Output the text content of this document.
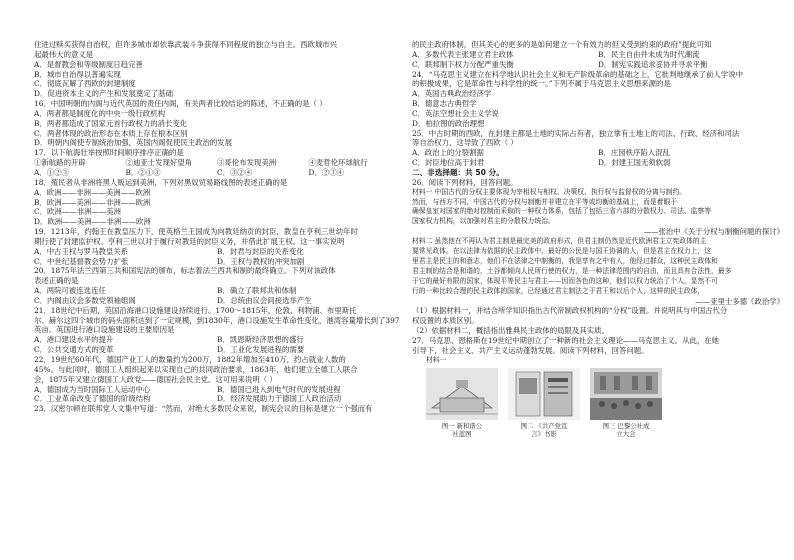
住进过赎买获得自治权，但许多城市却依靠武装斗争获得不同程度的独立与自主。西欧城市兴
起最伟大的意义是
A．是督教会和等级制度日趋完善
B．城市自治得以普遍实现
C．彻底瓦解了西欧的封建制度
D．促进资本主义的产生和发展奠定了基础
16．中国明朝的内阁与近代英国的责任内阁，有关两者比较结论的陈述，不正确的是（ ）
A．两者都是制度化的中央一级行政机构
B．两者都造成了国家元首行政权力的消长变化
C．两者体现的政治形态在本质上存在根本区别
D．明朝内阁使专制统治加强，英国内阁促使民主政治的发展
17．以下航海壮举按照时间顺序排序正确的是
①新航路的开辟	②迪亚士发现好望角	③哥伦布发现美洲	④麦哲伦环球航行
A．①②③	B．②①③	C．③②④	D．②③④
18．殖民者从非洲将黑人贩运到美洲，下列对黑奴贸易路线图的表述正确的是
A．欧洲——非洲——美洲——欧洲
B．欧洲——美洲——非洲——欧洲
C．欧洲——非洲——美洲
D．欧洲——美洲——非洲——欧洲
19．1213年，约翰王在教皇压力下，使英格兰王国成为向教廷纳贡的封臣，教皇在亨利三世幼年时
期行使了封建监护权。亨利三世以对于履行对教廷的封臣义务，并借此扩展王权。这一事实说明
A．中古王权与罗马教皇关系	B．封君与封臣的关系变化
C．中世纪基督教会势力扩张	D．王权与教权的冲突加剧
20．1875年法兰西第三共和国宪法的颁布，标志着法兰西共和制的最终确立。下列对该政体
表述正确的是
A．两院可被连选连任	B．确立了联邦共和体制
C．内阁由议会多数党领袖组阁	D．总统由议会间接选举产生
21．18世纪中后期，英国沿海港口设施建设持续进行。1700～1815年，伦敦、利物浦、布里斯托
尔、赫尔这四个城市的码头面积达到了一定规模，到1830年，港口设施发生革命性变化，港湾容量增长到了397
英亩。英国进行港口设施建设的主要原因是
A．港口建设水平的提升	B．凯恩斯经济思想的盛行
C．公共交通方式的变革	D．工业化发展进程的需要
22．19世纪60年代，德国产业工人的数量约为200万，1882年增加至410万，约占就业人数的
45%。与此同时，德国工人组织起来以实现自己的共同政治要求，1863年，他们建立全德工人联合
会，1875年又建立德国工人政党——德国社会民主党。这可用来说明（ ）
A．德国成为当时国际工人运动中心	B．德国已进入到电气时代的发展进程
C．工业革命改变了德国的阶级结构	D．经济发展助力于德国工人政治活动
23．汉密尔顿在联邦党人文集中写道：“然而，对绝大多数民众来说，制宪会议的目标是建立一个强而有
的民主政府体制，但其关心的更多的是如何建立一个有效力的但又受到约束的政府”提此可知
A．多数代表主张建立君主政体	B．民主自由并未成为时代潮流
C．联邦制下权力分配严重失衡	D．制宪实践追求妥协并寻求平衡
24．“马克思主义建立在科学地认识社会主义和无产阶级革命的基础之上，它批判地继承了前人学说中
的积极成果，它是革命性与科学性的统一。”下列不属于马克思主义思想来源的是
A．英国古典政治经济学
B．德意志古典哲学
C．英法空想社会主义学说
D．柏拉图的政治理想
25．中古时期的西欧，在封建主都是土地的实际占有者，独立掌有土地上的司法、行政、经济和司法
等自治权力，这导致了西欧（ ）
A．政治上的分裂割据	B．庄园秩序陷入混乱
C．封臣地位高于封君	D．封建王国无须软弱
二、非选择题：共 50 分。
26．阅读下列材料，回答问题。
材料一 中国古代的分权主要体现为宰相权与相权、决策权、执行权与监督权的分离与制约。
然而，与西方不同，中国古代的分权与制衡并非建立在平等或均衡的基础上，而是着眼于
确保皇室对国家的绝对控制而采取的一种权力体系，包括了包括三省六部的分散权力、司法、监察等
国家权力机构，以加强对君主的分散权力统治。
——张治中《关于分权与制衡问题的探讨》
材料二 虽然他在不再认为君主制是最完美的政府形式，但君主制仍然是近代欧洲君主立宪政体的主
要常见政体。在以法律为依据的民主政体中，最好的公民是与国王协调的人，但是君主在权力上，这
里君主是民主的和意志，他们不在法律之中制衡的，我是享有之中有人，他经过群众，这种民主政体和
君主制的结合是和谐的，土谷都倾向人民所行使的权力，是一种法律范围内的自由，而且具有合法性，最多
于它的最好有限的国家，体现平等民主与君主——因而各色的这种，他们以权力统治了个人，显然不可
行的一种比较合理的民主政体的国家，已经通过君主制法之于君王和以后个人，这样的民主政体，
——亚里士多德《政治学》
（1）根据材料一，并结合所学知识指出古代帝制政权机构的“分权”设置。并说明其与中国古代分
权设置的本质区别。
（2）依据材料二，概括指出雅典民主政体的局限及其实质。
27．马克思、恩格斯在19世纪中期创立了一种新的社会主义理论——马克思主义。从此，在她
引导下，社会主义、共产主义运动蓬勃发展。阅读下列材料，回答问题。
材料一
图一 新和谐公
社蓝图
图二 《共产党宣
言》书影
图三 巴黎公社成
立大会
